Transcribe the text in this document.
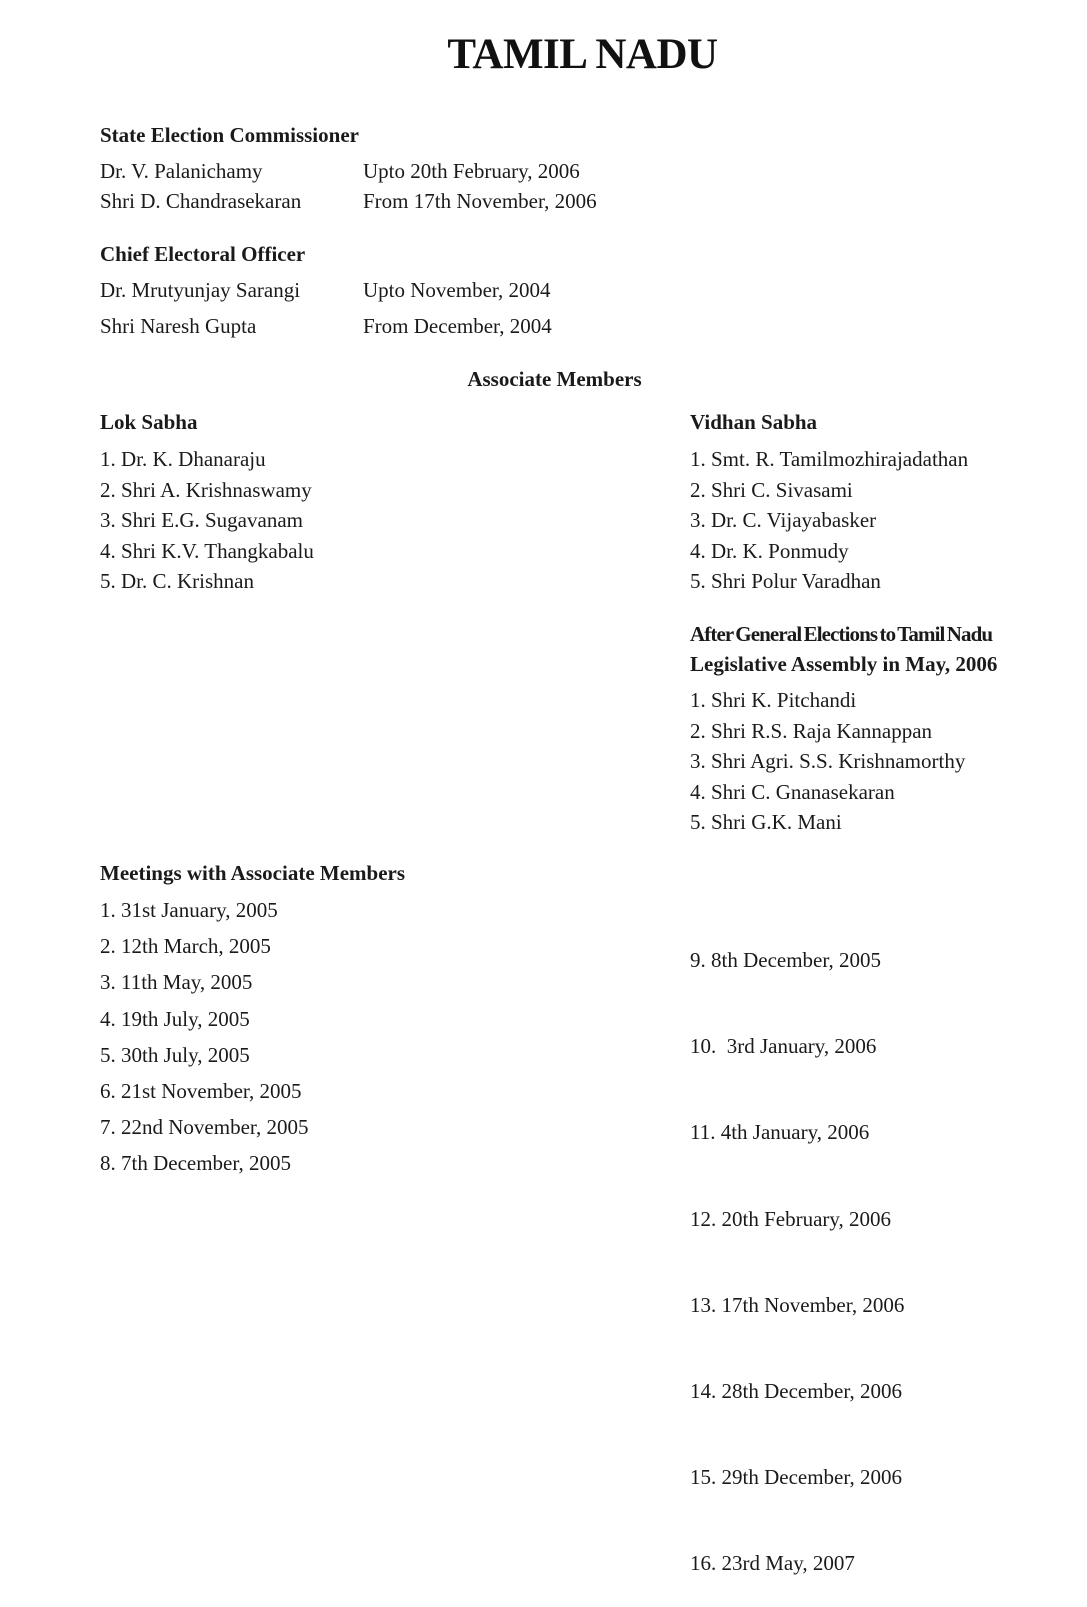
TAMIL NADU
State Election Commissioner
Dr. V. Palanichamy	Upto 20th February, 2006
Shri D. Chandrasekaran	From 17th November, 2006
Chief Electoral Officer
Dr. Mrutyunjay Sarangi	Upto November, 2004
Shri Naresh Gupta	From December, 2004
Associate Members
Lok Sabha
1. Dr. K. Dhanaraju
2. Shri A. Krishnaswamy
3. Shri E.G. Sugavanam
4. Shri K.V. Thangkabalu
5. Dr. C. Krishnan
Vidhan Sabha
1. Smt. R. Tamilmozhirajadathan
2. Shri C. Sivasami
3. Dr. C. Vijayabasker
4. Dr. K. Ponmudy
5. Shri Polur Varadhan
After General Elections to Tamil Nadu
Legislative Assembly in May, 2006
1. Shri K. Pitchandi
2. Shri R.S. Raja Kannappan
3. Shri Agri. S.S. Krishnamorthy
4. Shri C. Gnanasekaran
5. Shri G.K. Mani
Meetings with Associate Members
1. 31st January, 2005
2. 12th March, 2005
3. 11th May, 2005
4. 19th July, 2005
5. 30th July, 2005
6. 21st November, 2005
7. 22nd November, 2005
8. 7th December, 2005

9. 8th December, 2005

10.  3rd January, 2006

11. 4th January, 2006

12. 20th February, 2006

13. 17th November, 2006

14. 28th December, 2006

15. 29th December, 2006

16. 23rd May, 2007
